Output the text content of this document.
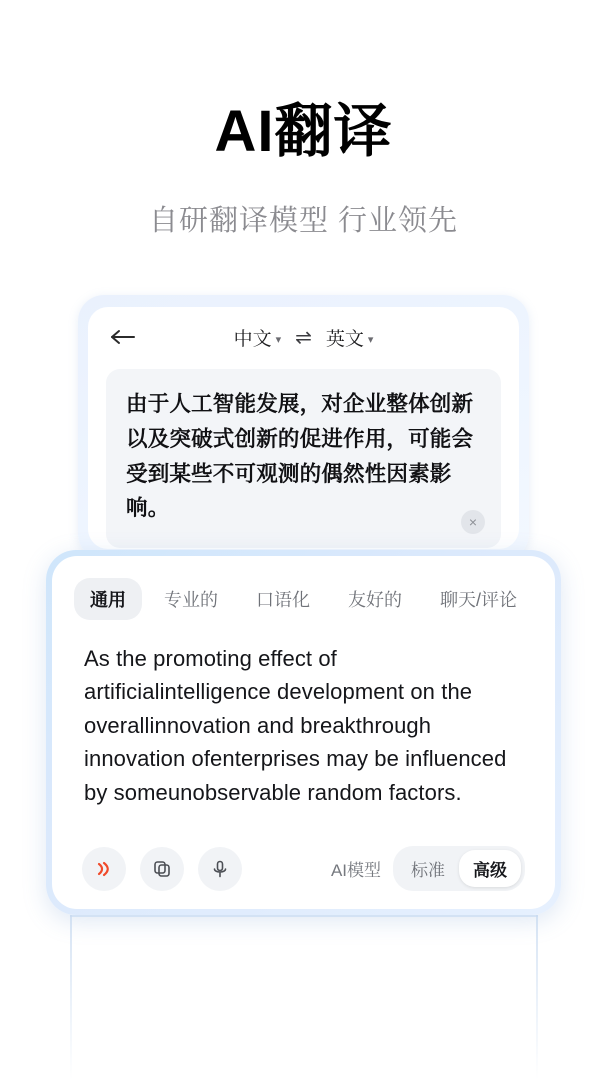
AI翻译

自研翻译模型 行业领先

中文 ▾ ⇌ 英文 ▾
由于人工智能发展，对企业整体创新以及突破式创新的促进作用，可能会受到某些不可观测的偶然性因素影响。
×
通用	专业的	口语化	友好的	聊天/评论
As the promoting effect of artificialintelligence development on the overallinnovation and breakthrough innovation ofenterprises may be influenced by someunobservable random factors.
AI模型	标准	高级
